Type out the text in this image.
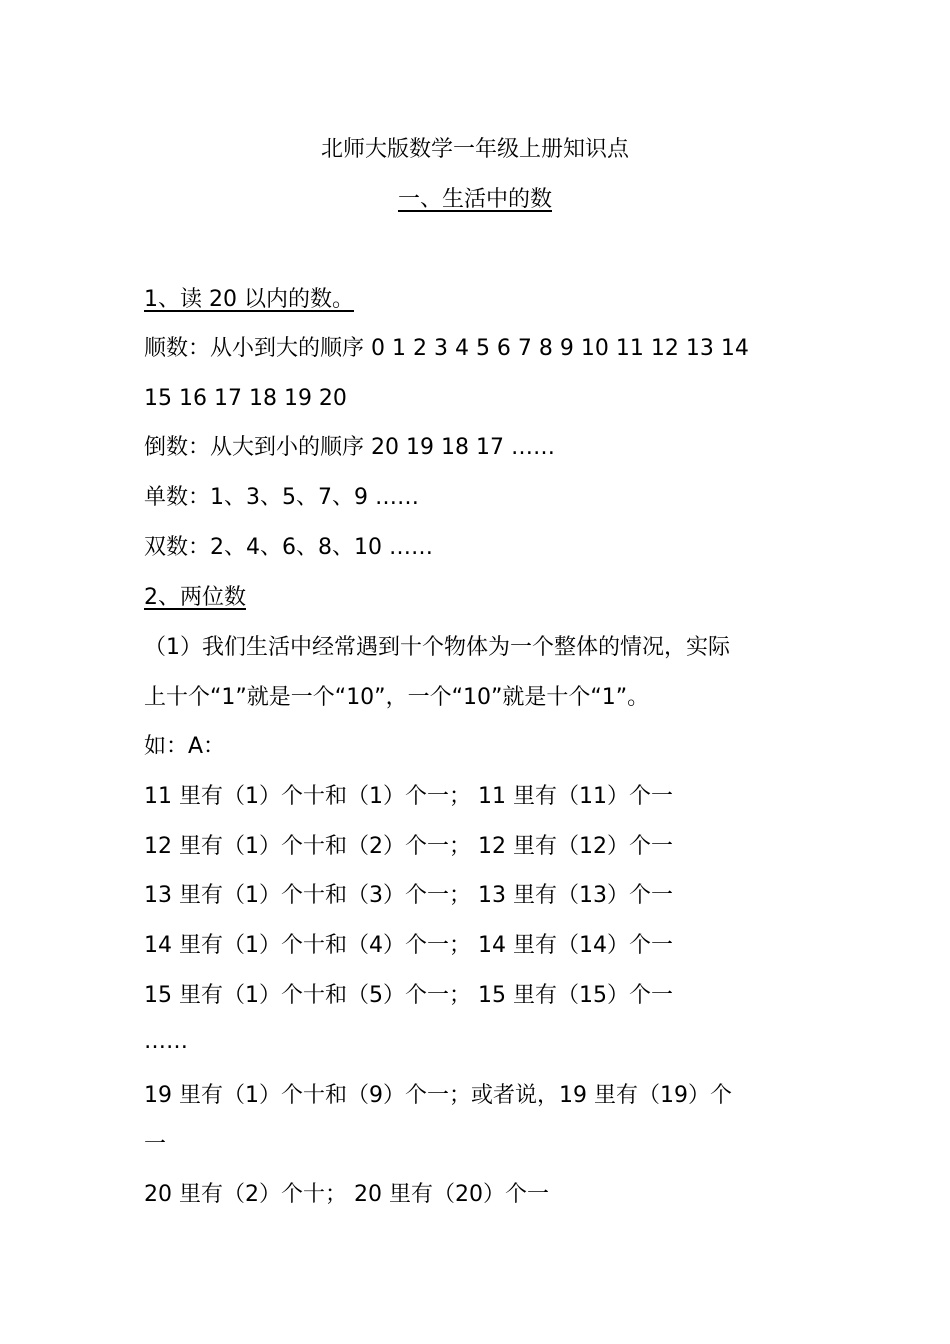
北师大版数学一年级上册知识点
一、生活中的数
1、读 20 以内的数。
顺数：从小到大的顺序 0 1 2 3 4 5 6 7 8 9 10 11 12 13 14
15 16 17 18 19 20
倒数：从大到小的顺序 20 19 18 17 ……
单数：1、3、5、7、9 ……
双数：2、4、6、8、10 ……
2、两位数
（1）我们生活中经常遇到十个物体为一个整体的情况，实际
上十个“1”就是一个“10”，一个“10”就是十个“1”。
如：A：
11 里有（1）个十和（1）个一； 11 里有（11）个一
12 里有（1）个十和（2）个一； 12 里有（12）个一
13 里有（1）个十和（3）个一； 13 里有（13）个一
14 里有（1）个十和（4）个一； 14 里有（14）个一
15 里有（1）个十和（5）个一； 15 里有（15）个一
……
19 里有（1）个十和（9）个一；或者说，19 里有（19）个
一
20 里有（2）个十； 20 里有（20）个一
